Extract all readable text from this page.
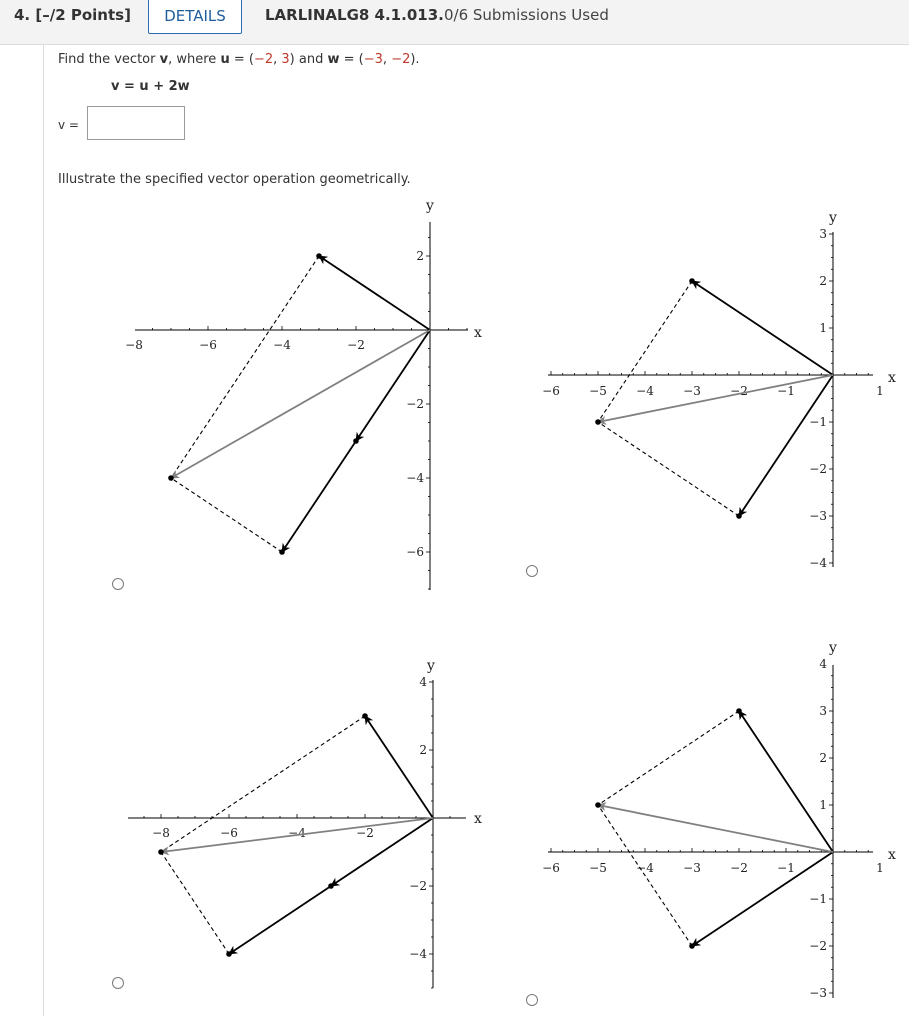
4. [–/2 Points]	DETAILS	LARLINALG8 4.1.013. 0/6 Submissions Used
Find the vector v, where u = (−2, 3) and w = (−3, −2).
v = u + 2w
v =
Illustrate the specified vector operation geometrically.
−8	−6	−4	−2
2
−2
−4
−6
x
y
−6 −5 −4 −3 −2 −1	1
3
2
1
−1
−2
−3
−4
x
y
−8	−6	−4	−2
4
2
−2
−4
x
y
−6 −5 −4 −3 −2 −1	1
4
3
2
1
−1
−2
−3
x
y
